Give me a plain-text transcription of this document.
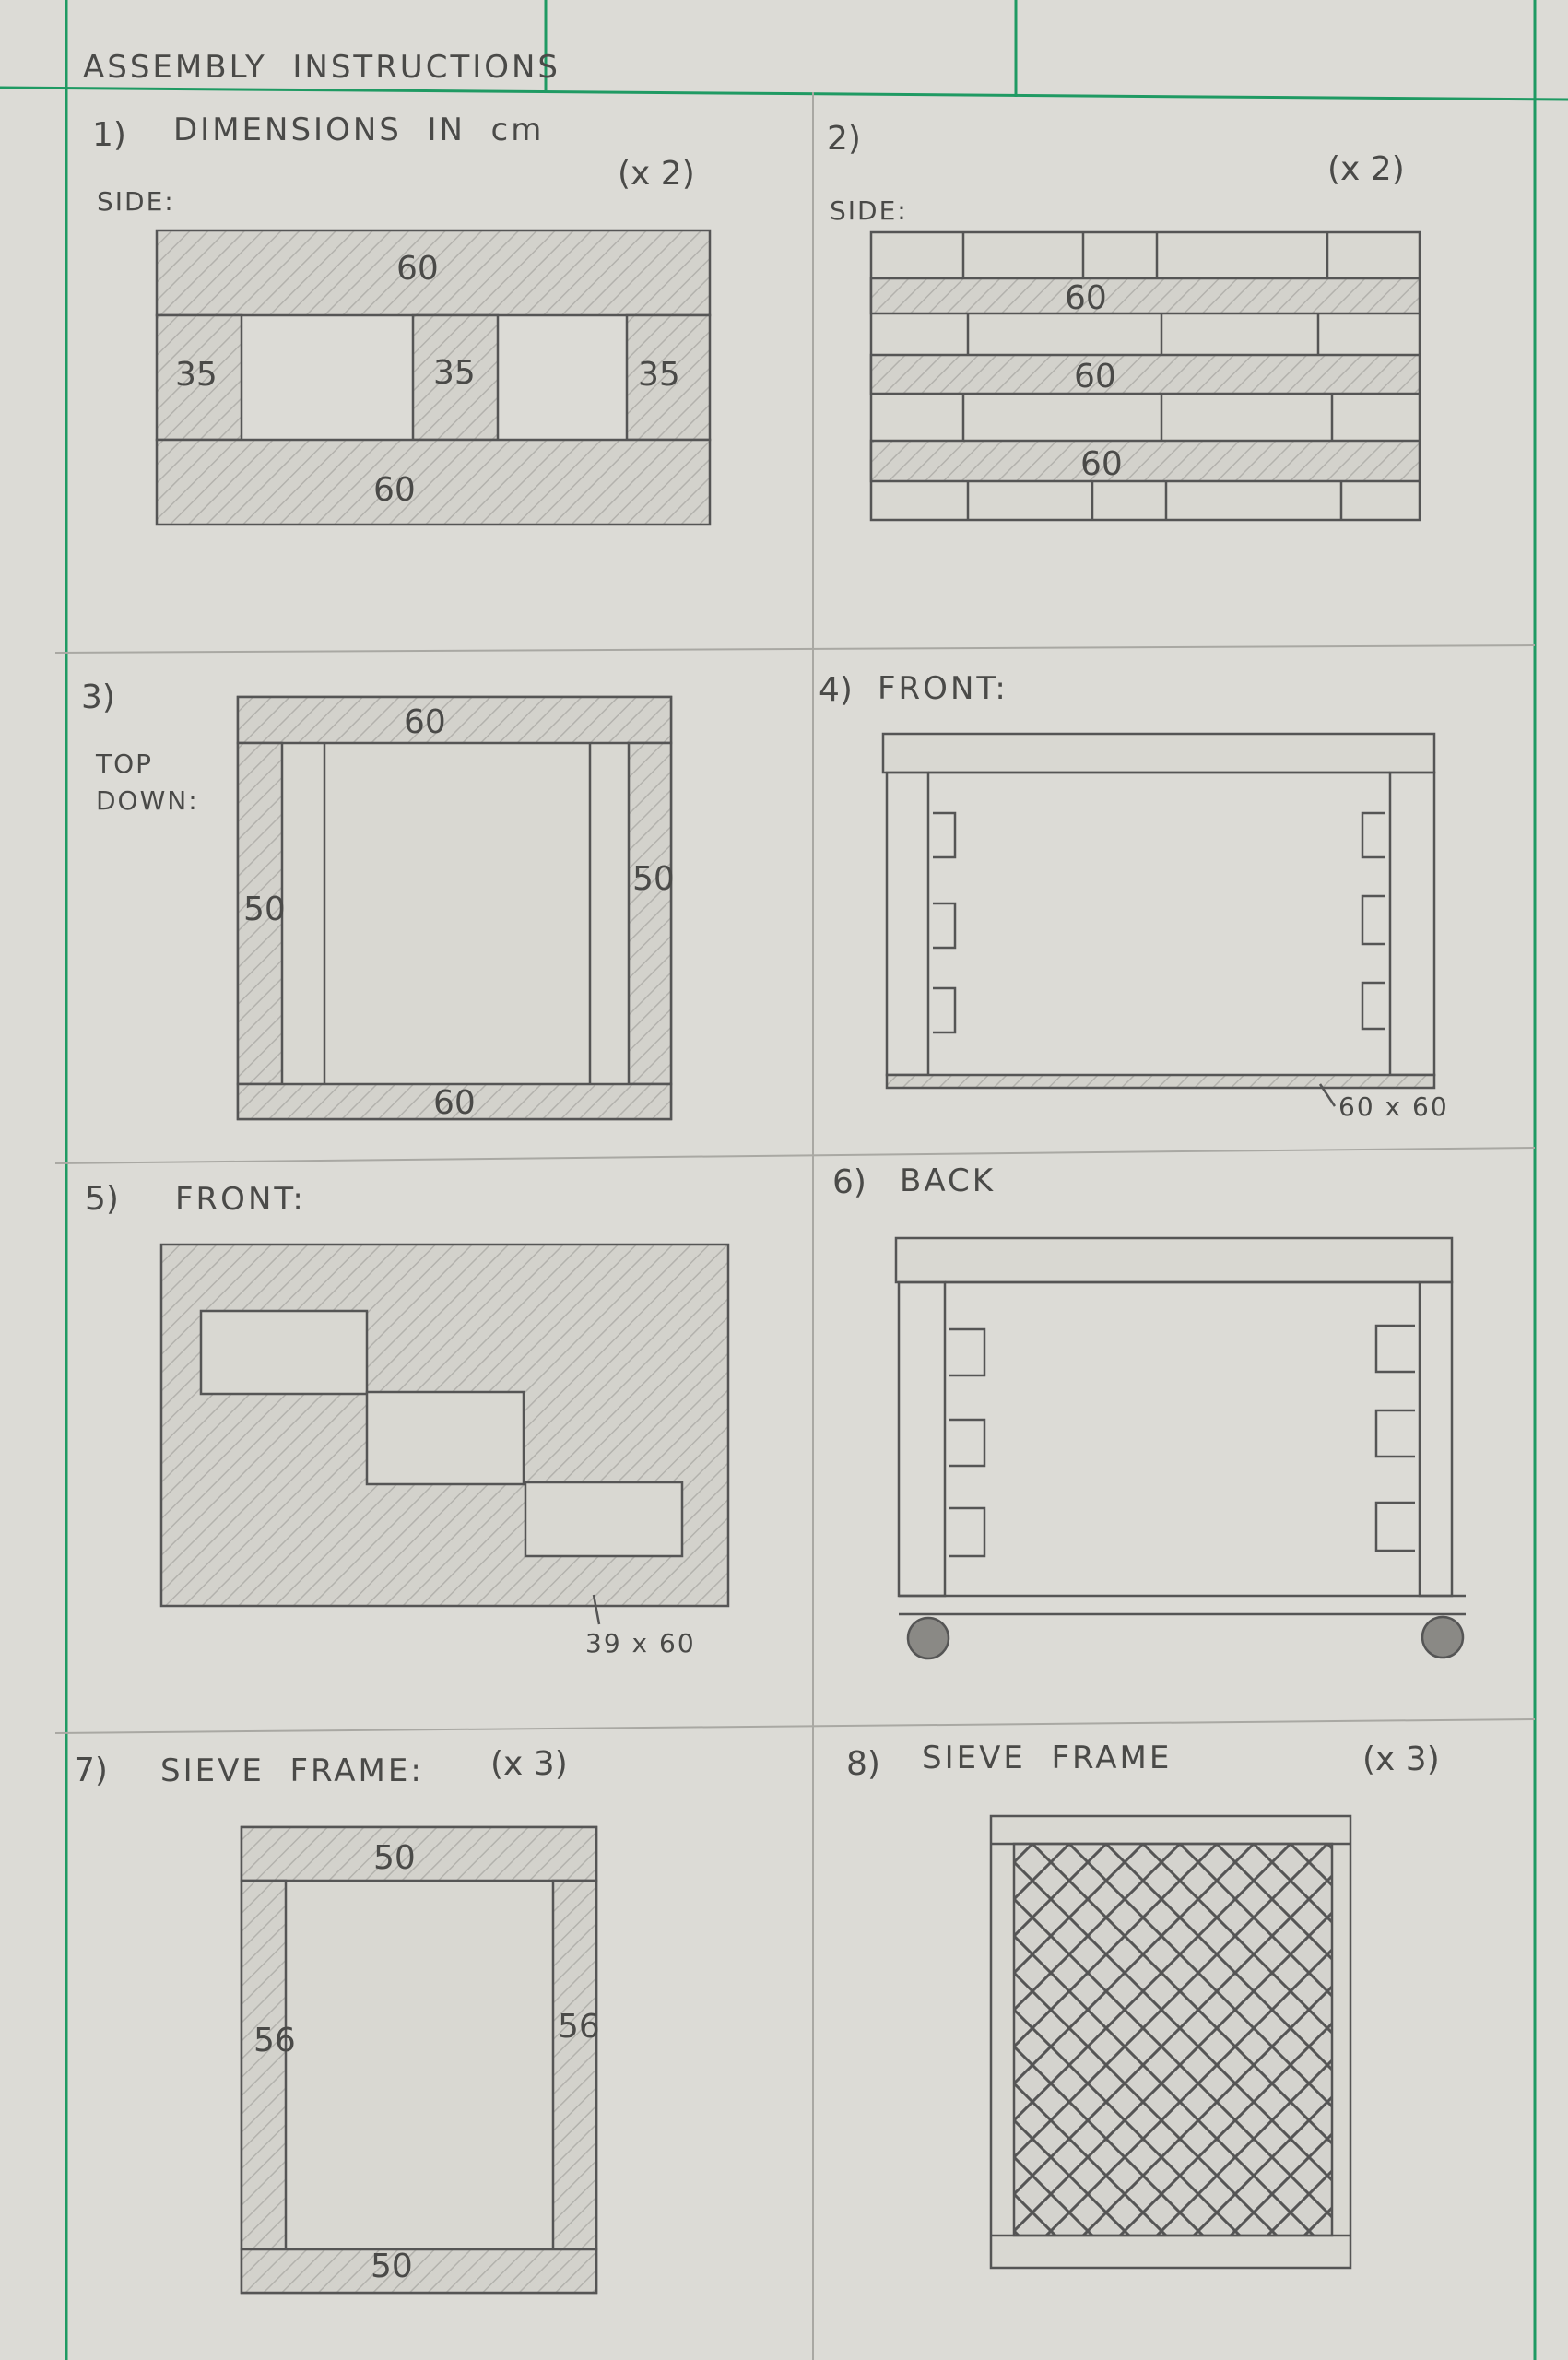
ASSEMBLY  INSTRUCTIONS
1) DIMENSIONS  IN  cm
(x 2)
SIDE:
60
35	35	35
60
2)
(x 2)
SIDE:
60
60
60
3)
TOP
DOWN:
60
50
50
60
4) FRONT:
60 x 60
5) FRONT:
39 x 60
6) BACK
7) SIEVE  FRAME: (x 3)
50
56	56
50
8) SIEVE  FRAME	(x 3)
